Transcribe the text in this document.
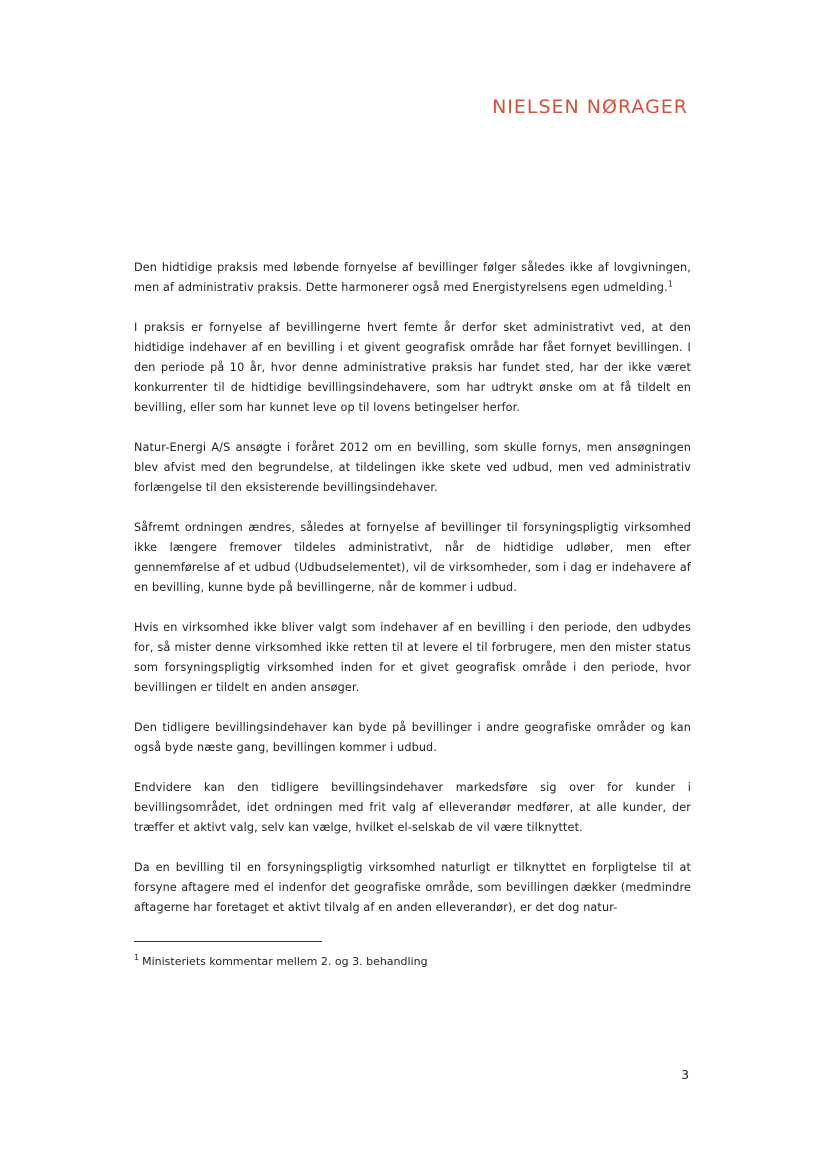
NIELSEN NØRAGER

Den hidtidige praksis med løbende fornyelse af bevillinger følger således ikke af lovgivningen, men af administrativ praksis. Dette harmonerer også med Energistyrelsens egen udmelding.$^1$

I praksis er fornyelse af bevillingerne hvert femte år derfor sket administrativt ved, at den hidtidige indehaver af en bevilling i et givent geografisk område har fået fornyet bevillingen. I den periode på 10 år, hvor denne administrative praksis har fundet sted, har der ikke været konkurrenter til de hidtidige bevillingsindehavere, som har udtrykt ønske om at få tildelt en bevilling, eller som har kunnet leve op til lovens betingelser herfor.

Natur-Energi A/S ansøgte i foråret 2012 om en bevilling, som skulle fornys, men ansøgningen blev afvist med den begrundelse, at tildelingen ikke skete ved udbud, men ved administrativ forlængelse til den eksisterende bevillingsindehaver.

Såfremt ordningen ændres, således at fornyelse af bevillinger til forsyningspligtig virksomhed ikke længere fremover tildeles administrativt, når de hidtidige udløber, men efter gennemførelse af et udbud (Udbudselementet), vil de virksomheder, som i dag er indehavere af en bevilling, kunne byde på bevillingerne, når de kommer i udbud.

Hvis en virksomhed ikke bliver valgt som indehaver af en bevilling i den periode, den udbydes for, så mister denne virksomhed ikke retten til at levere el til forbrugere, men den mister status som forsyningspligtig virksomhed inden for et givet geografisk område i den periode, hvor bevillingen er tildelt en anden ansøger.

Den tidligere bevillingsindehaver kan byde på bevillinger i andre geografiske områder og kan også byde næste gang, bevillingen kommer i udbud.

Endvidere kan den tidligere bevillingsindehaver markedsføre sig over for kunder i bevillingsområdet, idet ordningen med frit valg af elleverandør medfører, at alle kunder, der træffer et aktivt valg, selv kan vælge, hvilket el-selskab de vil være tilknyttet.

Da en bevilling til en forsyningspligtig virksomhed naturligt er tilknyttet en forpligtelse til at forsyne aftagere med el indenfor det geografiske område, som bevillingen dækker (medmindre aftagerne har foretaget et aktivt tilvalg af en anden elleverandør), er det dog natur-

$^1$ Ministeriets kommentar mellem 2. og 3. behandling
3
